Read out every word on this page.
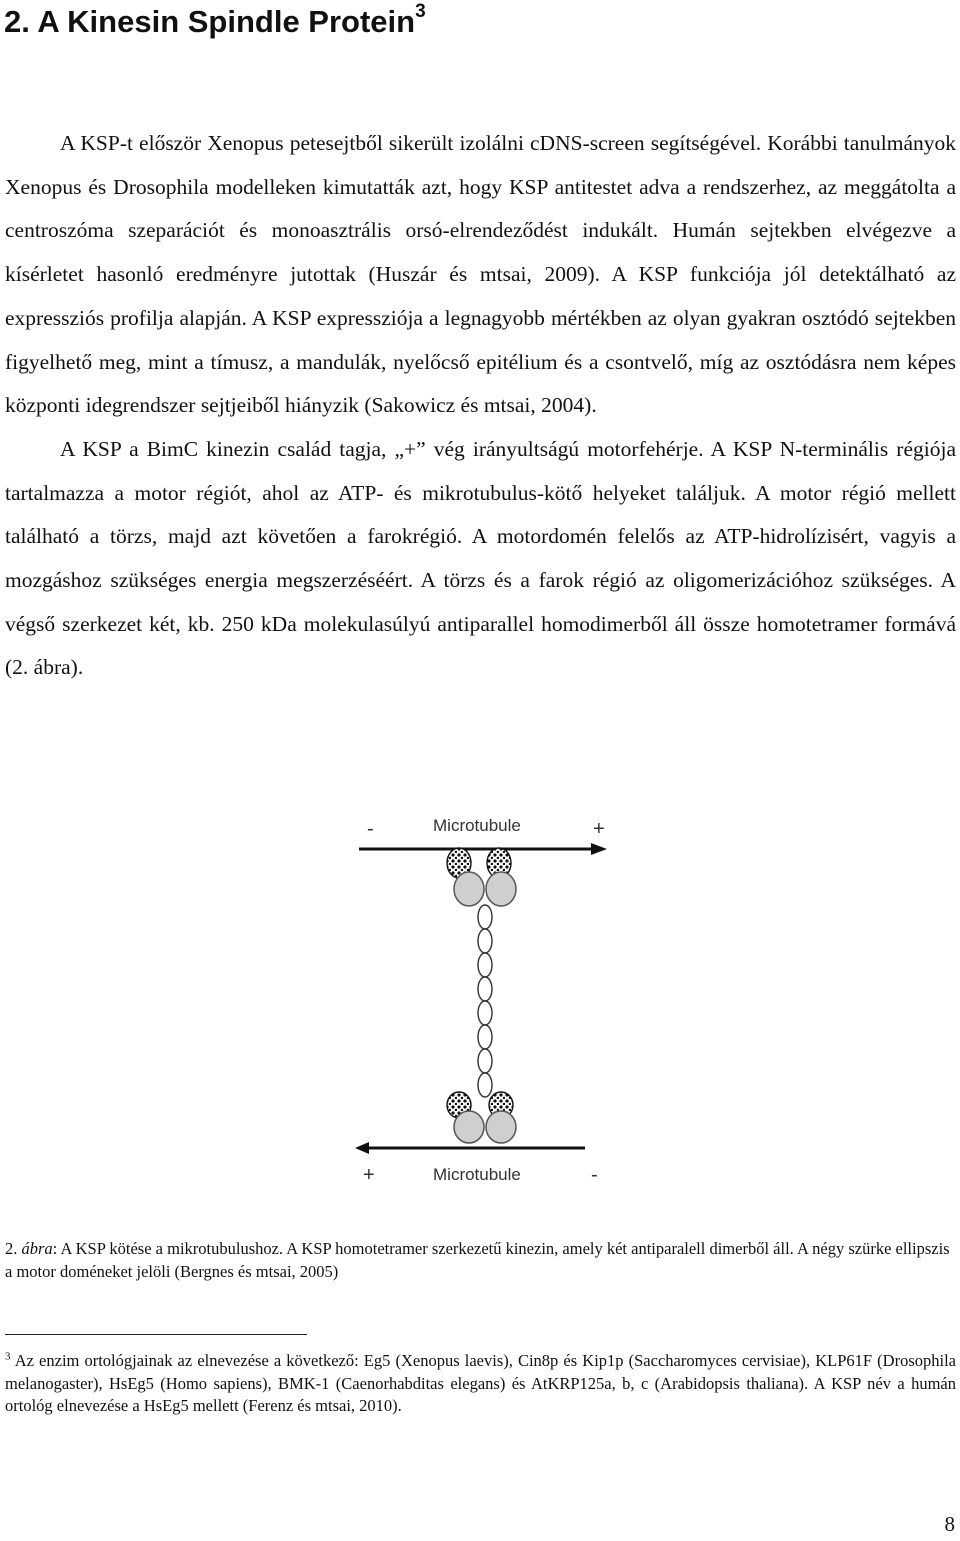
2. A Kinesin Spindle Protein$^3$

A KSP-t először Xenopus petesejtből sikerült izolálni cDNS-screen segítségével. Korábbi tanulmányok Xenopus és Drosophila modelleken kimutatták azt, hogy KSP antitestet adva a rendszerhez, az meggátolta a centroszóma szeparációt és monoasztrális orsó-elrendeződést indukált. Humán sejtekben elvégezve a kísérletet hasonló eredményre jutottak (Huszár és mtsai, 2009). A KSP funkciója jól detektálható az expressziós profilja alapján. A KSP expressziója a legnagyobb mértékben az olyan gyakran osztódó sejtekben figyelhető meg, mint a tímusz, a mandulák, nyelőcső epitélium és a csontvelő, míg az osztódásra nem képes központi idegrendszer sejtjeiből hiányzik (Sakowicz és mtsai, 2004).

A KSP a BimC kinezin család tagja, „+” vég irányultságú motorfehérje. A KSP N-terminális régiója tartalmazza a motor régiót, ahol az ATP- és mikrotubulus-kötő helyeket találjuk. A motor régió mellett található a törzs, majd azt követően a farokrégió. A motordomén felelős az ATP-hidrolízisért, vagyis a mozgáshoz szükséges energia megszerzéséért. A törzs és a farok régió az oligomerizációhoz szükséges. A végső szerkezet két, kb. 250 kDa molekulasúlyú antiparallel homodimerből áll össze homotetramer formává (2. ábra).

-	Microtubule	+
+	Microtubule	-
2. ábra: A KSP kötése a mikrotubulushoz. A KSP homotetramer szerkezetű kinezin, amely két antiparalell dimerből áll. A négy szürke ellipszis a motor doméneket jelöli (Bergnes és mtsai, 2005)
$^3$ Az enzim ortológjainak az elnevezése a következő: Eg5 (Xenopus laevis), Cin8p és Kip1p (Saccharomyces cervisiae), KLP61F (Drosophila melanogaster), HsEg5 (Homo sapiens), BMK-1 (Caenorhabditas elegans) és AtKRP125a, b, c (Arabidopsis thaliana). A KSP név a humán ortológ elnevezése a HsEg5 mellett (Ferenz és mtsai, 2010).
8
